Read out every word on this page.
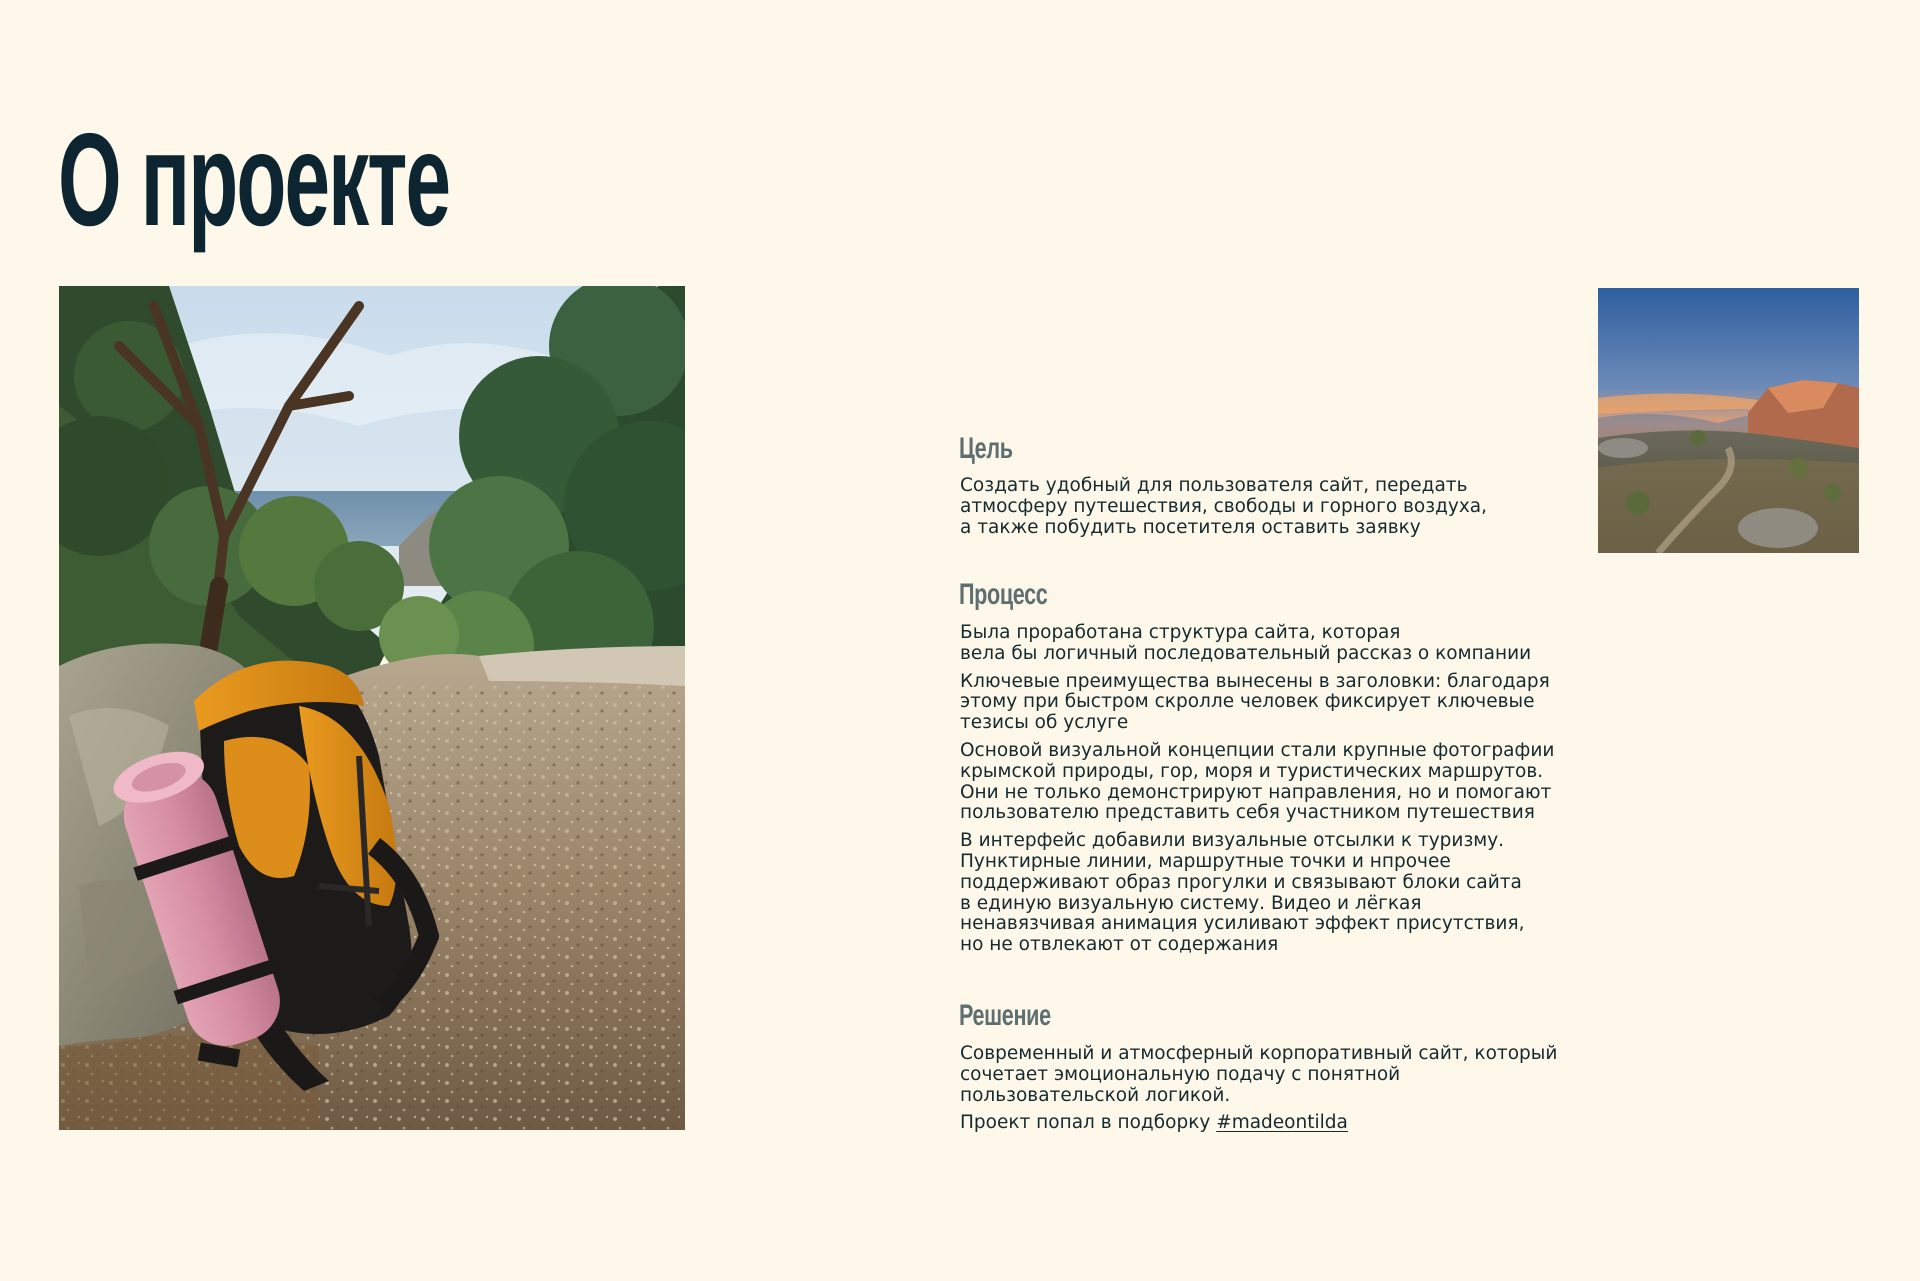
О проекте
Цель

Создать удобный для пользователя сайт, передать
атмосферу путешествия, свободы и горного воздуха,
а также побудить посетителя оставить заявку

Процесс

Была проработана структура сайта, которая
вела бы логичный последовательный рассказ о компании

Ключевые преимущества вынесены в заголовки: благодаря
этому при быстром скролле человек фиксирует ключевые
тезисы об услуге

Основой визуальной концепции стали крупные фотографии
крымской природы, гор, моря и туристических маршрутов.
Они не только демонстрируют направления, но и помогают
пользователю представить себя участником путешествия

В интерфейс добавили визуальные отсылки к туризму.
Пунктирные линии, маршрутные точки и нпрочее
поддерживают образ прогулки и связывают блоки сайта
в единую визуальную систему. Видео и лёгкая
ненавязчивая анимация усиливают эффект присутствия,
но не отвлекают от содержания

Решение

Современный и атмосферный корпоративный сайт, который
сочетает эмоциональную подачу с понятной
пользовательской логикой.

Проект попал в подборку #madeontilda
